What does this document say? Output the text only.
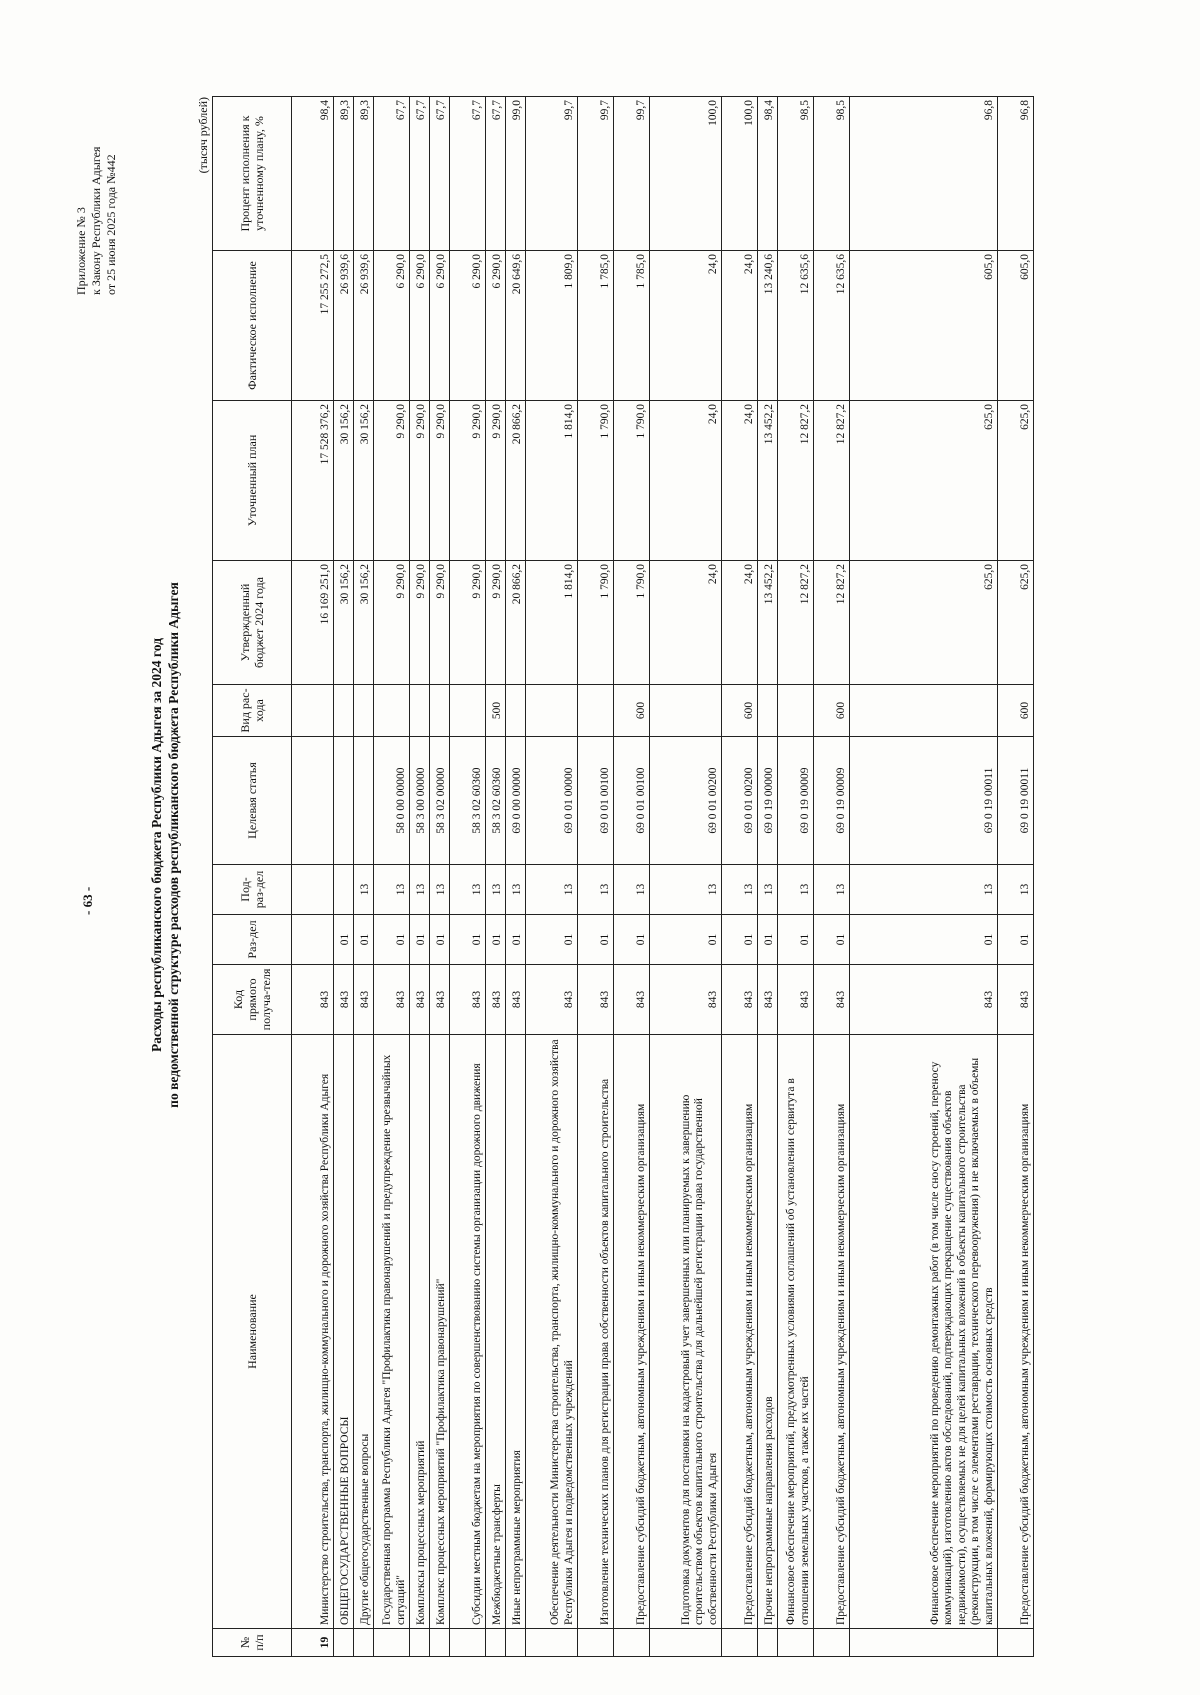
- 63 -
Приложение № 3 к Закону Республики Адыгея от 25 июня 2025 года №442
Расходы республиканского бюджета Республики Адыгея за 2024 год по ведомственной структуре расходов республиканского бюджета Республики Адыгея
(тысяч рублей)
№ п/п	Наименование	Код прямого получа-теля	Раз-дел	Под-раз-дел	Целевая статья	Вид рас-хода	Утвержденный бюджет 2024 года	Уточненный план	Фактическое исполнение	Процент исполнения к уточненному плану, %
19	Министерство строительства, транспорта, жилищно-коммунального и дорожного хозяйства Республики Адыгея	843					16 169 251,0	17 528 376,2	17 255 272,5	98,4
	ОБЩЕГОСУДАРСТВЕННЫЕ ВОПРОСЫ	843	01				30 156,2	30 156,2	26 939,6	89,3
	Другие общегосударственные вопросы	843	01	13			30 156,2	30 156,2	26 939,6	89,3
	Государственная программа Республики Адыгея "Профилактика правонарушений и предупреждение чрезвычайных ситуаций"	843	01	13	58 0 00 00000		9 290,0	9 290,0	6 290,0	67,7
	Комплексы процессных мероприятий	843	01	13	58 3 00 00000		9 290,0	9 290,0	6 290,0	67,7
	Комплекс процессных мероприятий "Профилактика правонарушений"	843	01	13	58 3 02 00000		9 290,0	9 290,0	6 290,0	67,7
	Субсидии местным бюджетам на мероприятия по совершенствованию системы организации дорожного движения	843	01	13	58 3 02 60360		9 290,0	9 290,0	6 290,0	67,7
	Межбюджетные трансферты	843	01	13	58 3 02 60360	500	9 290,0	9 290,0	6 290,0	67,7
	Иные непрограммные мероприятия	843	01	13	69 0 00 00000		20 866,2	20 866,2	20 649,6	99,0
	Обеспечение деятельности Министерства строительства, транспорта, жилищно-коммунального и дорожного хозяйства Республики Адыгея и подведомственных учреждений	843	01	13	69 0 01 00000		1 814,0	1 814,0	1 809,0	99,7
	Изготовление технических планов для регистрации права собственности объектов капитального строительства	843	01	13	69 0 01 00100		1 790,0	1 790,0	1 785,0	99,7
	Предоставление субсидий бюджетным, автономным учреждениям и иным некоммерческим организациям	843	01	13	69 0 01 00100	600	1 790,0	1 790,0	1 785,0	99,7
	Подготовка документов для постановки на кадастровый учет завершенных или планируемых к завершению строительством объектов капитального строительства для дальнейшей регистрации права государственной собственности Республики Адыгея	843	01	13	69 0 01 00200		24,0	24,0	24,0	100,0
	Предоставление субсидий бюджетным, автономным учреждениям и иным некоммерческим организациям	843	01	13	69 0 01 00200	600	24,0	24,0	24,0	100,0
	Прочие непрограммные направления расходов	843	01	13	69 0 19 00000		13 452,2	13 452,2	13 240,6	98,4
	Финансовое обеспечение мероприятий, предусмотренных условиями соглашений об установлении сервитута в отношении земельных участков, а также их частей	843	01	13	69 0 19 00009		12 827,2	12 827,2	12 635,6	98,5
	Предоставление субсидий бюджетным, автономным учреждениям и иным некоммерческим организациям	843	01	13	69 0 19 00009	600	12 827,2	12 827,2	12 635,6	98,5
	Финансовое обеспечение мероприятий по проведению демонтажных работ (в том числе сносу строений, переносу коммуникаций), изготовлению актов обследований, подтверждающих прекращение существования объектов недвижимости), осуществляемых не для целей капитальных вложений в объекты капитального строительства (реконструкции, в том числе с элементами реставрации, технического перевооружения) и не включаемых в объемы капитальных вложений, формирующих стоимость основных средств	843	01	13	69 0 19 00011		625,0	625,0	605,0	96,8
	Предоставление субсидий бюджетным, автономным учреждениям и иным некоммерческим организациям	843	01	13	69 0 19 00011	600	625,0	625,0	605,0	96,8
